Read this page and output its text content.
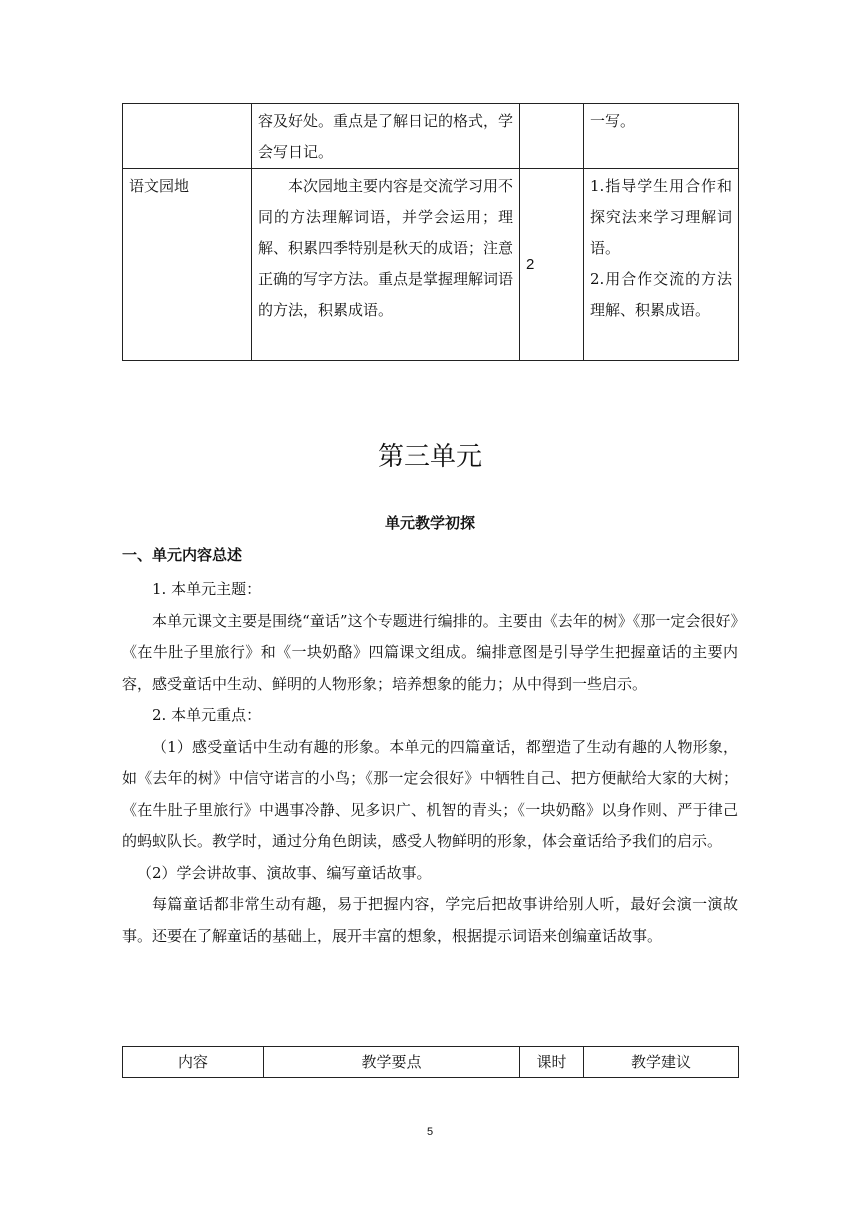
	容及好处。重点是了解日记的格式，学会写日记。		一写。
语文园地	本次园地主要内容是交流学习用不同的方法理解词语，并学会运用；理解、积累四季特别是秋天的成语；注意正确的写字方法。重点是掌握理解词语的方法，积累成语。	2	1.指导学生用合作和探究法来学习理解词语。
2.用合作交流的方法理解、积累成语。
第三单元
单元教学初探
一、单元内容总述

1. 本单元主题：

本单元课文主要是围绕“童话”这个专题进行编排的。主要由《去年的树》《那一定会很好》《在牛肚子里旅行》和《一块奶酪》四篇课文组成。编排意图是引导学生把握童话的主要内容，感受童话中生动、鲜明的人物形象；培养想象的能力；从中得到一些启示。

2. 本单元重点：

（1）感受童话中生动有趣的形象。本单元的四篇童话，都塑造了生动有趣的人物形象，如《去年的树》中信守诺言的小鸟；《那一定会很好》中牺牲自己、把方便献给大家的大树；《在牛肚子里旅行》中遇事冷静、见多识广、机智的青头；《一块奶酪》以身作则、严于律己的蚂蚁队长。教学时，通过分角色朗读，感受人物鲜明的形象，体会童话给予我们的启示。

（2）学会讲故事、演故事、编写童话故事。

每篇童话都非常生动有趣，易于把握内容，学完后把故事讲给别人听，最好会演一演故事。还要在了解童话的基础上，展开丰富的想象，根据提示词语来创编童话故事。

内容	教学要点	课时	教学建议
5
